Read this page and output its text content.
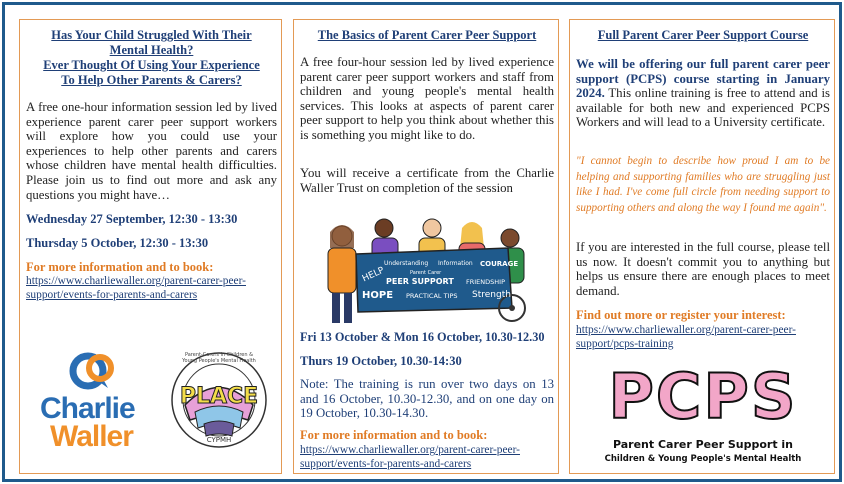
Has Your Child Struggled With Their
Mental Health?
Ever Thought Of Using Your Experience
To Help Other Parents & Carers?
A free one-hour information session led by lived experience parent carer peer support workers will explore how you could use your experiences to help other parents and carers whose children have mental health difficulties. Please join us to find out more and ask any questions you might have…
Wednesday 27 September, 12:30 - 13:30
Thursday 5 October, 12:30 - 13:30
For more information and to book:
https://www.charliewaller.org/parent-carer-peer-
support/events-for-parents-and-carers
Charlie
Waller
PLACE
CYPMH
Parent-Carers in Children & Young People's Mental Health
The Basics of Parent Carer Peer Support
A free four-hour session led by lived experience parent carer peer support workers and staff from children and young people's mental health services. This looks at aspects of parent carer peer support to help you think about whether this is something you might like to do.
You will receive a certificate from the Charlie Waller Trust on completion of the session
HELP
Understanding Information COURAGE
Parent Carer
PEER SUPPORT FRIENDSHIP
HOPE PRACTICAL TIPS Strength
Fri 13 October & Mon 16 October, 10.30-12.30
Thurs 19 October, 10.30-14:30
Note: The training is run over two days on 13 and 16 October, 10.30-12.30, and on one day on 19 October, 10.30-14.30.
For more information and to book:
https://www.charliewaller.org/parent-carer-peer-
support/events-for-parents-and-carers
Full Parent Carer Peer Support Course
We will be offering our full parent carer peer support (PCPS) course starting in January 2024. This online training is free to attend and is available for both new and experienced PCPS Workers and will lead to a University certificate.
"I cannot begin to describe how proud I am to be helping and supporting families who are struggling just like I had. I've come full circle from needing support to supporting others and along the way I found me again".
If you are interested in the full course, please tell us now. It doesn't commit you to anything but helps us ensure there are enough places to meet demand.
Find out more or register your interest:
https://www.charliewaller.org/parent-carer-peer-
support/pcps-training
PCPS
Parent Carer Peer Support in
Children & Young People's Mental Health
